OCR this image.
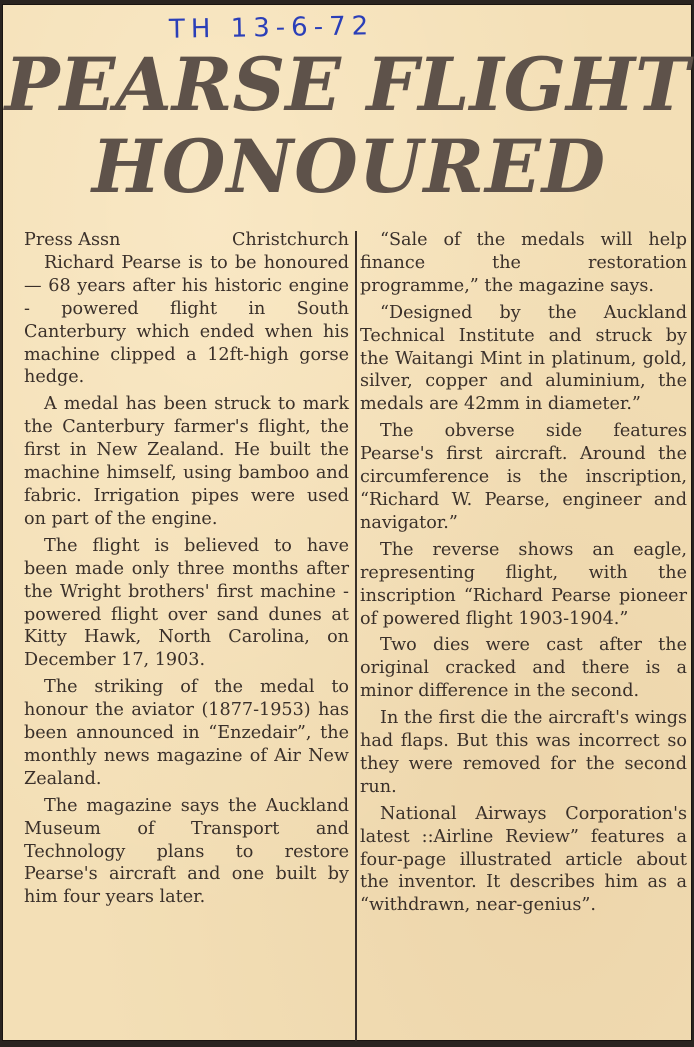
TH 13-6-72
PEARSE FLIGHT
HONOURED
Press Assn	Christchurch

Richard Pearse is to be honoured — 68 years after his historic engine - powered flight in South Canterbury which ended when his machine clipped a 12ft-high gorse hedge.

A medal has been struck to mark the Canterbury farmer's flight, the first in New Zealand. He built the machine himself, using bamboo and fabric. Irrigation pipes were used on part of the engine.

The flight is believed to have been made only three months after the Wright brothers' first machine - powered flight over sand dunes at Kitty Hawk, North Carolina, on December 17, 1903.

The striking of the medal to honour the aviator (1877-1953) has been announced in “Enzedair”, the monthly news magazine of Air New Zealand.

The magazine says the Auckland Museum of Transport and Technology plans to restore Pearse's aircraft and one built by him four years later.

“Sale of the medals will help finance the restoration programme,” the magazine says.

“Designed by the Auckland Technical Institute and struck by the Waitangi Mint in platinum, gold, silver, copper and aluminium, the medals are 42mm in diameter.”

The obverse side features Pearse's first aircraft. Around the circumference is the inscription, “Richard W. Pearse, engineer and navigator.”

The reverse shows an eagle, representing flight, with the inscription “Richard Pearse pioneer of powered flight 1903-1904.”

Two dies were cast after the original cracked and there is a minor difference in the second.

In the first die the aircraft's wings had flaps. But this was incorrect so they were removed for the second run.

National Airways Corporation's latest ::Airline Review” features a four-page illustrated article about the inventor. It describes him as a “withdrawn, near-genius”.
